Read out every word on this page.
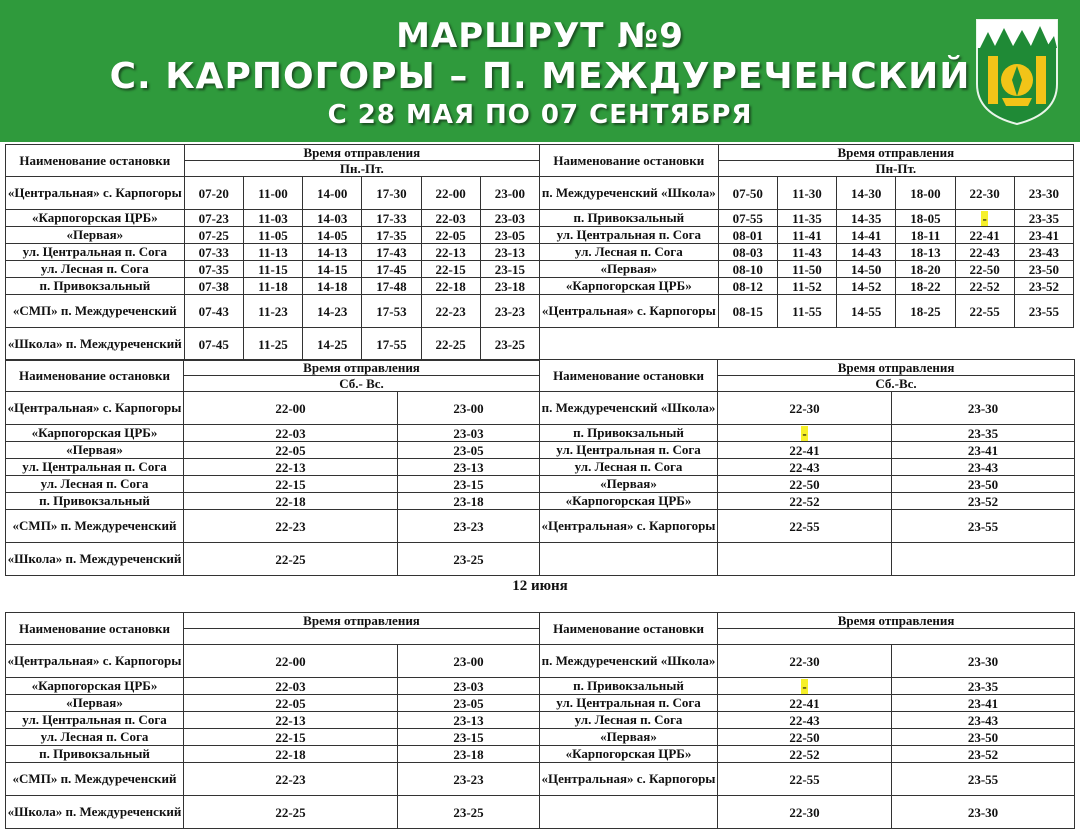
МАРШРУТ №9
С. КАРПОГОРЫ – П. МЕЖДУРЕЧЕНСКИЙ
С 28 МАЯ ПО 07 СЕНТЯБРЯ
Наименование остановки	Время отправления						Наименование остановки	Время отправления					
	Пн.-Пт.							Пн-Пт.					
«Центральная» с. Карпогоры	07-20	11-00	14-00	17-30	22-00	23-00	п. Междуреченский «Школа»	07-50	11-30	14-30	18-00	22-30	23-30
«Карпогорская ЦРБ»	07-23	11-03	14-03	17-33	22-03	23-03	п. Привокзальный	07-55	11-35	14-35	18-05	-	23-35
«Первая»	07-25	11-05	14-05	17-35	22-05	23-05	ул. Центральная п. Сога	08-01	11-41	14-41	18-11	22-41	23-41
ул. Центральная п. Сога	07-33	11-13	14-13	17-43	22-13	23-13	ул. Лесная п. Сога	08-03	11-43	14-43	18-13	22-43	23-43
ул. Лесная п. Сога	07-35	11-15	14-15	17-45	22-15	23-15	«Первая»	08-10	11-50	14-50	18-20	22-50	23-50
п. Привокзальный	07-38	11-18	14-18	17-48	22-18	23-18	«Карпогорская ЦРБ»	08-12	11-52	14-52	18-22	22-52	23-52
«СМП» п. Междуреченский	07-43	11-23	14-23	17-53	22-23	23-23	«Центральная» с. Карпогоры	08-15	11-55	14-55	18-25	22-55	23-55
«Школа» п. Междуреченский	07-45	11-25	14-25	17-55	22-25	23-25							
Наименование остановки	Время отправления		Наименование остановки	Время отправления	
	Сб.- Вс.			Сб.-Вс.	
«Центральная» с. Карпогоры	22-00	23-00	п. Междуреченский «Школа»	22-30	23-30
«Карпогорская ЦРБ»	22-03	23-03	п. Привокзальный	-	23-35
«Первая»	22-05	23-05	ул. Центральная п. Сога	22-41	23-41
ул. Центральная п. Сога	22-13	23-13	ул. Лесная п. Сога	22-43	23-43
ул. Лесная п. Сога	22-15	23-15	«Первая»	22-50	23-50
п. Привокзальный	22-18	23-18	«Карпогорская ЦРБ»	22-52	23-52
«СМП» п. Междуреченский	22-23	23-23	«Центральная» с. Карпогоры	22-55	23-55
«Школа» п. Междуреченский	22-25	23-25			
12 июня
Наименование остановки	Время отправления		Наименование остановки	Время отправления	

«Центральная» с. Карпогоры	22-00	23-00	п. Междуреченский «Школа»	22-30	23-30
«Карпогорская ЦРБ»	22-03	23-03	п. Привокзальный	-	23-35
«Первая»	22-05	23-05	ул. Центральная п. Сога	22-41	23-41
ул. Центральная п. Сога	22-13	23-13	ул. Лесная п. Сога	22-43	23-43
ул. Лесная п. Сога	22-15	23-15	«Первая»	22-50	23-50
п. Привокзальный	22-18	23-18	«Карпогорская ЦРБ»	22-52	23-52
«СМП» п. Междуреченский	22-23	23-23	«Центральная» с. Карпогоры	22-55	23-55
«Школа» п. Междуреченский	22-25	23-25		22-30	23-30
